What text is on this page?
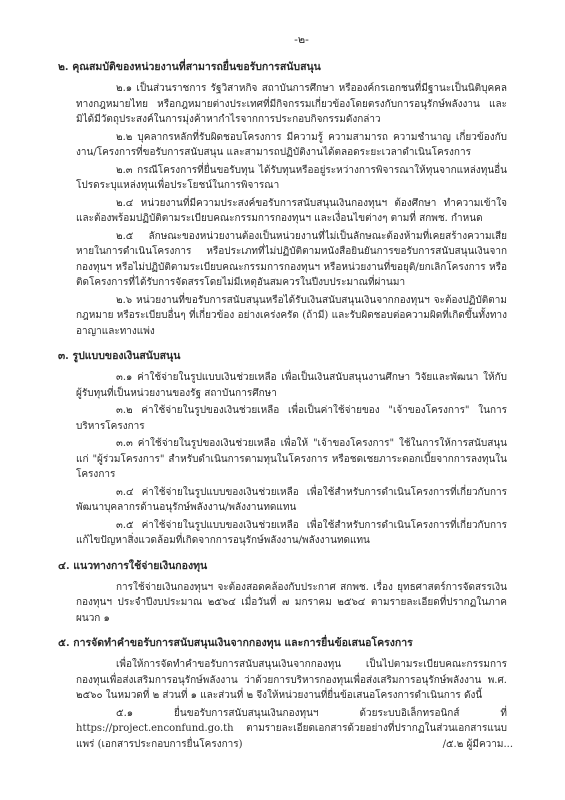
-๒-
๒. คุณสมบัติของหน่วยงานที่สามารถยื่นขอรับการสนับสนุน

๒.๑ เป็นส่วนราชการ รัฐวิสาหกิจ สถาบันการศึกษา หรือองค์กรเอกชนที่มีฐานะเป็นนิติบุคคลทางกฎหมายไทย หรือกฎหมายต่างประเทศที่มีกิจกรรมเกี่ยวข้องโดยตรงกับการอนุรักษ์พลังงาน และมิได้มีวัตถุประสงค์ในการมุ่งค้าหากำไรจากการประกอบกิจกรรมดังกล่าว

๒.๒ บุคลากรหลักที่รับผิดชอบโครงการ มีความรู้ ความสามารถ ความชำนาญ เกี่ยวข้องกับงาน/โครงการที่ขอรับการสนับสนุน และสามารถปฏิบัติงานได้ตลอดระยะเวลาดำเนินโครงการ

๒.๓ กรณีโครงการที่ยื่นขอรับทุน ได้รับทุนหรืออยู่ระหว่างการพิจารณาให้ทุนจากแหล่งทุนอื่นโปรดระบุแหล่งทุนเพื่อประโยชน์ในการพิจารณา

๒.๔ หน่วยงานที่มีความประสงค์ขอรับการสนับสนุนเงินกองทุนฯ ต้องศึกษา ทำความเข้าใจ และต้องพร้อมปฏิบัติตามระเบียบคณะกรรมการกองทุนฯ และเงื่อนไขต่างๆ ตามที่ สกพช. กำหนด

๒.๕ ลักษณะของหน่วยงานต้องเป็นหน่วยงานที่ไม่เป็นลักษณะต้องห้ามที่เคยสร้างความเสียหายในการดำเนินโครงการ หรือประเภทที่ไม่ปฏิบัติตามหนังสือยินยันการขอรับการสนับสนุนเงินจากกองทุนฯ หรือไม่ปฏิบัติตามระเบียบคณะกรรมการกองทุนฯ หรือหน่วยงานที่ขอยุติ/ยกเลิกโครงการ หรือติดโครงการที่ได้รับการจัดสรรโดยไม่มีเหตุอันสมควรในปีงบประมาณที่ผ่านมา

๒.๖ หน่วยงานที่ขอรับการสนับสนุนหรือได้รับเงินสนับสนุนเงินจากกองทุนฯ จะต้องปฏิบัติตามกฎหมาย หรือระเบียบอื่นๆ ที่เกี่ยวข้อง อย่างเคร่งครัด (ถ้ามี) และรับผิดชอบต่อความผิดที่เกิดขึ้นทั้งทางอาญาและทางแพ่ง

๓. รูปแบบของเงินสนับสนุน

๓.๑ ค่าใช้จ่ายในรูปแบบเงินช่วยเหลือ เพื่อเป็นเงินสนับสนุนงานศึกษา วิจัยและพัฒนา ให้กับผู้รับทุนที่เป็นหน่วยงานของรัฐ สถาบันการศึกษา

๓.๒ ค่าใช้จ่ายในรูปของเงินช่วยเหลือ เพื่อเป็นค่าใช้จ่ายของ "เจ้าของโครงการ" ในการบริหารโครงการ

๓.๓ ค่าใช้จ่ายในรูปของเงินช่วยเหลือ เพื่อให้ "เจ้าของโครงการ" ใช้ในการให้การสนับสนุนแก่ "ผู้ร่วมโครงการ" สำหรับดำเนินการตามทุนในโครงการ หรือชดเชยภาระดอกเบี้ยจากการลงทุนในโครงการ

๓.๔ ค่าใช้จ่ายในรูปแบบของเงินช่วยเหลือ เพื่อใช้สำหรับการดำเนินโครงการที่เกี่ยวกับการพัฒนาบุคลากรด้านอนุรักษ์พลังงาน/พลังงานทดแทน

๓.๕ ค่าใช้จ่ายในรูปแบบของเงินช่วยเหลือ เพื่อใช้สำหรับการดำเนินโครงการที่เกี่ยวกับการแก้ไขปัญหาสิ่งแวดล้อมที่เกิดจากการอนุรักษ์พลังงาน/พลังงานทดแทน

๔. แนวทางการใช้จ่ายเงินกองทุน

การใช้จ่ายเงินกองทุนฯ จะต้องสอดคล้องกับประกาศ สกพช. เรื่อง ยุทธศาสตร์การจัดสรรเงินกองทุนฯ ประจำปีงบประมาณ ๒๕๖๔ เมื่อวันที่ ๗ มกราคม ๒๕๖๔ ตามรายละเอียดที่ปรากฏในภาคผนวก ๑

๕. การจัดทำคำขอรับการสนับสนุนเงินจากกองทุน และการยื่นข้อเสนอโครงการ

เพื่อให้การจัดทำคำขอรับการสนับสนุนเงินจากกองทุน เป็นไปตามระเบียบคณะกรรมการกองทุนเพื่อส่งเสริมการอนุรักษ์พลังงาน ว่าด้วยการบริหารกองทุนเพื่อส่งเสริมการอนุรักษ์พลังงาน พ.ศ. ๒๕๖๐ ในหมวดที่ ๒ ส่วนที่ ๑ และส่วนที่ ๒ จึงให้หน่วยงานที่ยื่นข้อเสนอโครงการดำเนินการ ดังนี้

๕.๑ ยื่นขอรับการสนับสนุนเงินกองทุนฯ ด้วยระบบอิเล็กทรอนิกส์ ที่ https://project.enconfund.go.th ตามรายละเอียดเอกสารด้วยอย่างที่ปรากฏในส่วนเอกสารแนบแพร่ (เอกสารประกอบการยื่นโครงการ)	/๕.๒ ผู้มีความ...
